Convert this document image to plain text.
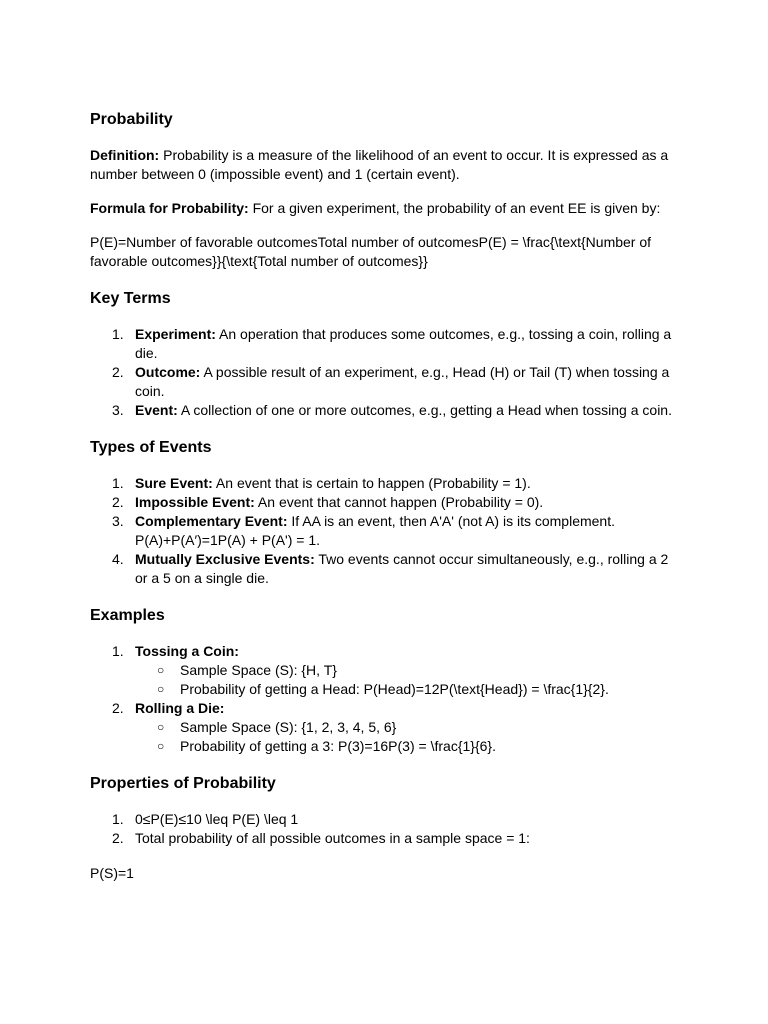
Probability

Definition: Probability is a measure of the likelihood of an event to occur. It is expressed as a number between 0 (impossible event) and 1 (certain event).

Formula for Probability: For a given experiment, the probability of an event EE is given by:

P(E)=Number of favorable outcomesTotal number of outcomesP(E) = \frac{\text{Number of favorable outcomes}}{\text{Total number of outcomes}}

Key Terms
1. Experiment: An operation that produces some outcomes, e.g., tossing a coin, rolling a die.
2. Outcome: A possible result of an experiment, e.g., Head (H) or Tail (T) when tossing a coin.
3. Event: A collection of one or more outcomes, e.g., getting a Head when tossing a coin.
Types of Events
1. Sure Event: An event that is certain to happen (Probability = 1).
2. Impossible Event: An event that cannot happen (Probability = 0).
3. Complementary Event: If AA is an event, then A'A' (not A) is its complement. P(A)+P(A′)=1P(A) + P(A') = 1.
4. Mutually Exclusive Events: Two events cannot occur simultaneously, e.g., rolling a 2 or a 5 on a single die.
Examples
1. Tossing a Coin:
○ Sample Space (S): {H, T}
○ Probability of getting a Head: P(Head)=12P(\text{Head}) = \frac{1}{2}.
2. Rolling a Die:
○ Sample Space (S): {1, 2, 3, 4, 5, 6}
○ Probability of getting a 3: P(3)=16P(3) = \frac{1}{6}.
Properties of Probability
1. 0≤P(E)≤10 \leq P(E) \leq 1
2. Total probability of all possible outcomes in a sample space = 1:

P(S)=1
